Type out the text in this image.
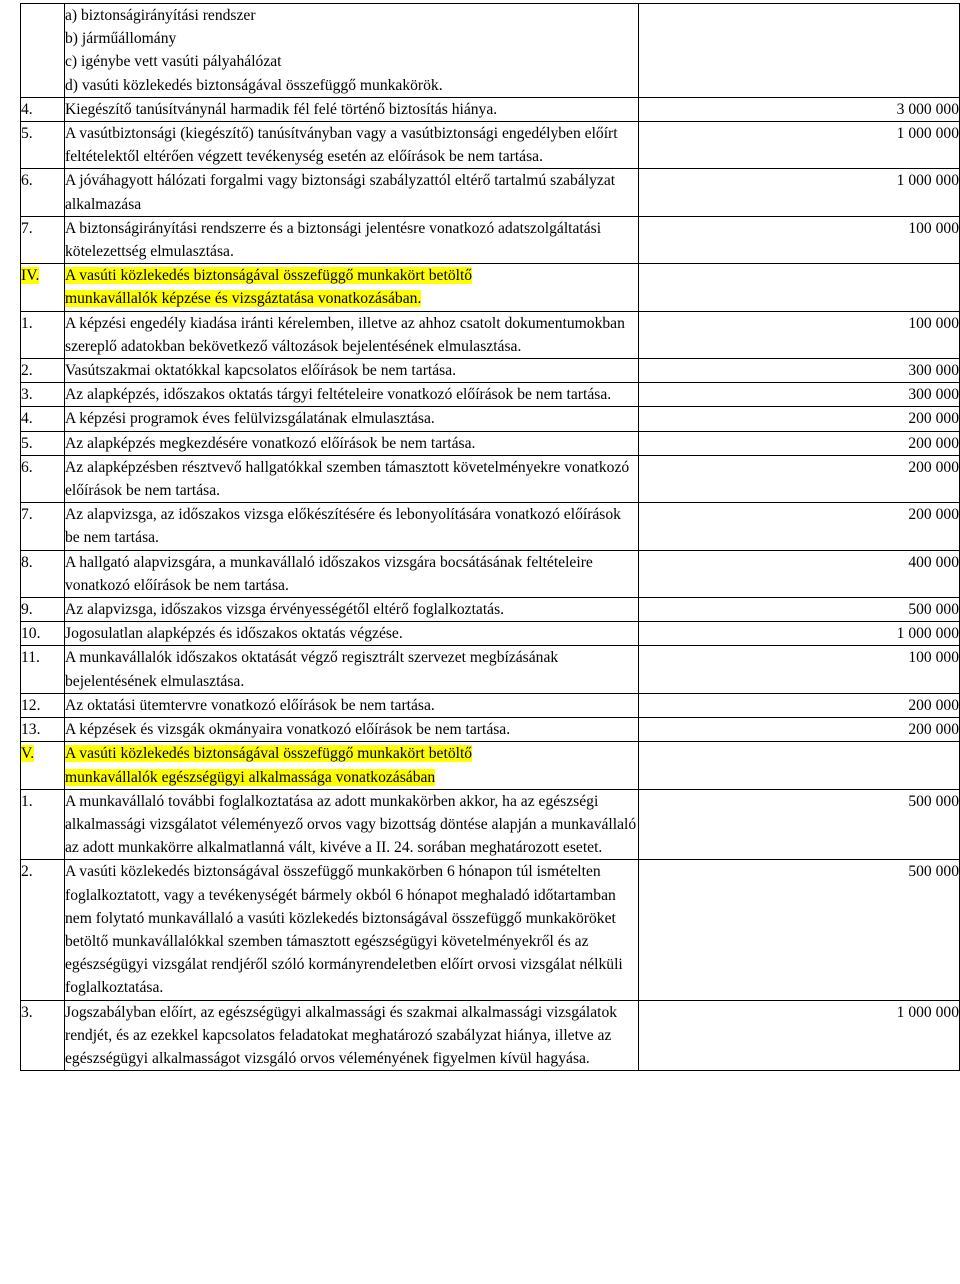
	a) biztonságirányítási rendszer
b) járműállomány
c) igénybe vett vasúti pályahálózat
d) vasúti közlekedés biztonságával összefüggő munkakörök.	

4.	Kiegészítő tanúsítványnál harmadik fél felé történő biztosítás hiánya.	3 000 000
5.	A vasútbiztonsági (kiegészítő) tanúsítványban vagy a vasútbiztonsági engedélyben előírt feltételektől eltérően végzett tevékenység esetén az előírások be nem tartása.	1 000 000
6.	A jóváhagyott hálózati forgalmi vagy biztonsági szabályzattól eltérő tartalmú szabályzat alkalmazása	1 000 000
7.	A biztonságirányítási rendszerre és a biztonsági jelentésre vonatkozó adatszolgáltatási kötelezettség elmulasztása.	100 000
IV.	A vasúti közlekedés biztonságával összefüggő munkakört betöltő
munkavállalók képzése és vizsgáztatása vonatkozásában.	

1.	A képzési engedély kiadása iránti kérelemben, illetve az ahhoz csatolt dokumentumokban szereplő adatokban bekövetkező változások bejelentésének elmulasztása.	100 000
2.	Vasútszakmai oktatókkal kapcsolatos előírások be nem tartása.	300 000
3.	Az alapképzés, időszakos oktatás tárgyi feltételeire vonatkozó előírások be nem tartása.	300 000
4.	A képzési programok éves felülvizsgálatának elmulasztása.	200 000
5.	Az alapképzés megkezdésére vonatkozó előírások be nem tartása.	200 000
6.	Az alapképzésben résztvevő hallgatókkal szemben támasztott követelményekre vonatkozó előírások be nem tartása.	200 000
7.	Az alapvizsga, az időszakos vizsga előkészítésére és lebonyolítására vonatkozó előírások be nem tartása.	200 000
8.	A hallgató alapvizsgára, a munkavállaló időszakos vizsgára bocsátásának feltételeire vonatkozó előírások be nem tartása.	400 000
9.	Az alapvizsga, időszakos vizsga érvényességétől eltérő foglalkoztatás.	500 000
10.	Jogosulatlan alapképzés és időszakos oktatás végzése.	1 000 000
11.	A munkavállalók időszakos oktatását végző regisztrált szervezet megbízásának bejelentésének elmulasztása.	100 000
12.	Az oktatási ütemtervre vonatkozó előírások be nem tartása.	200 000
13.	A képzések és vizsgák okmányaira vonatkozó előírások be nem tartása.	200 000
V.	A vasúti közlekedés biztonságával összefüggő munkakört betöltő
munkavállalók egészségügyi alkalmassága vonatkozásában	

1.	A munkavállaló további foglalkoztatása az adott munkakörben akkor, ha az egészségi alkalmassági vizsgálatot véleményező orvos vagy bizottság döntése alapján a munkavállaló az adott munkakörre alkalmatlanná vált, kivéve a II. 24. sorában meghatározott esetet.	500 000
2.	A vasúti közlekedés biztonságával összefüggő munkakörben 6 hónapon túl ismételten foglalkoztatott, vagy a tevékenységét bármely okból 6 hónapot meghaladó időtartamban nem folytató munkavállaló a vasúti közlekedés biztonságával összefüggő munkaköröket betöltő munkavállalókkal szemben támasztott egészségügyi követelményekről és az egészségügyi vizsgálat rendjéről szóló kormányrendeletben előírt orvosi vizsgálat nélküli foglalkoztatása.	500 000
3.	Jogszabályban előírt, az egészségügyi alkalmassági és szakmai alkalmassági vizsgálatok rendjét, és az ezekkel kapcsolatos feladatokat meghatározó szabályzat hiánya, illetve az egészségügyi alkalmasságot vizsgáló orvos véleményének figyelmen kívül hagyása.	1 000 000
